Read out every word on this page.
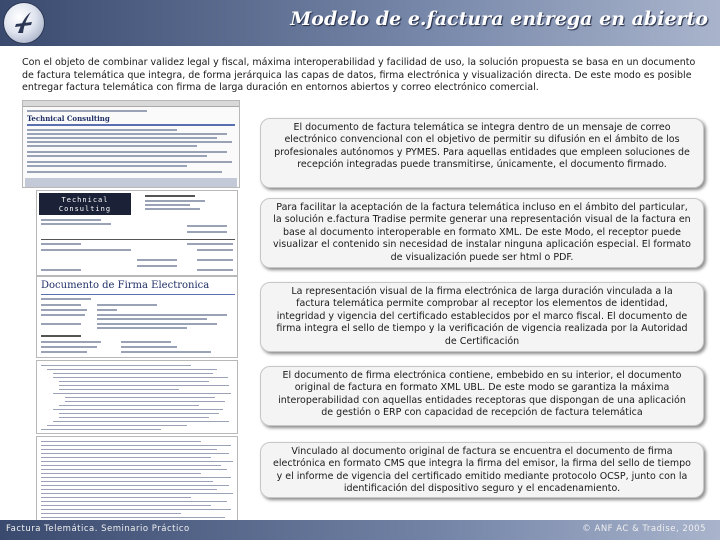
Modelo de e.factura entrega en abierto
Con el objeto de combinar validez legal y fiscal, máxima interoperabilidad y facilidad de uso, la solución propuesta se basa en un documento de factura telemática que integra, de forma jerárquica las capas de datos, firma electrónica y visualización directa. De este modo es posible entregar factura telemática con firma de larga duración en entornos abiertos y correo electrónico comercial.
Technical Consulting
Technical
Consulting
Documento de Firma Electronica
El documento de factura telemática se integra dentro de un mensaje de correo electrónico convencional con el objetivo de permitir su difusión en el ámbito de los profesionales autónomos y PYMES. Para aquellas entidades que empleen soluciones de recepción integradas puede transmitirse, únicamente, el documento firmado.
Para facilitar la aceptación de la factura telemática incluso en el ámbito del particular, la solución e.factura Tradise permite generar una representación visual de la factura en base al documento interoperable en formato XML. De este Modo, el receptor puede visualizar el contenido sin necesidad de instalar ninguna aplicación especial. El formato de visualización puede ser html o PDF.
La representación visual de la firma electrónica de larga duración vinculada a la factura telemática permite comprobar al receptor los elementos de identidad, integridad y vigencia del certificado establecidos por el marco fiscal. El documento de firma integra el sello de tiempo y la verificación de vigencia realizada por la Autoridad de Certificación
El documento de firma electrónica contiene, embebido en su interior, el documento original de factura en formato XML UBL. De este modo se garantiza la máxima interoperabilidad con aquellas entidades receptoras que dispongan de una aplicación de gestión o ERP con capacidad de recepción de factura telemática
Vinculado al documento original de factura se encuentra el documento de firma electrónica en formato CMS que integra la firma del emisor, la firma del sello de tiempo y el informe de vigencia del certificado emitido mediante protocolo OCSP, junto con la identificación del dispositivo seguro y el encadenamiento.
Factura Telemática. Seminario Práctico	© ANF AC & Tradise, 2005
